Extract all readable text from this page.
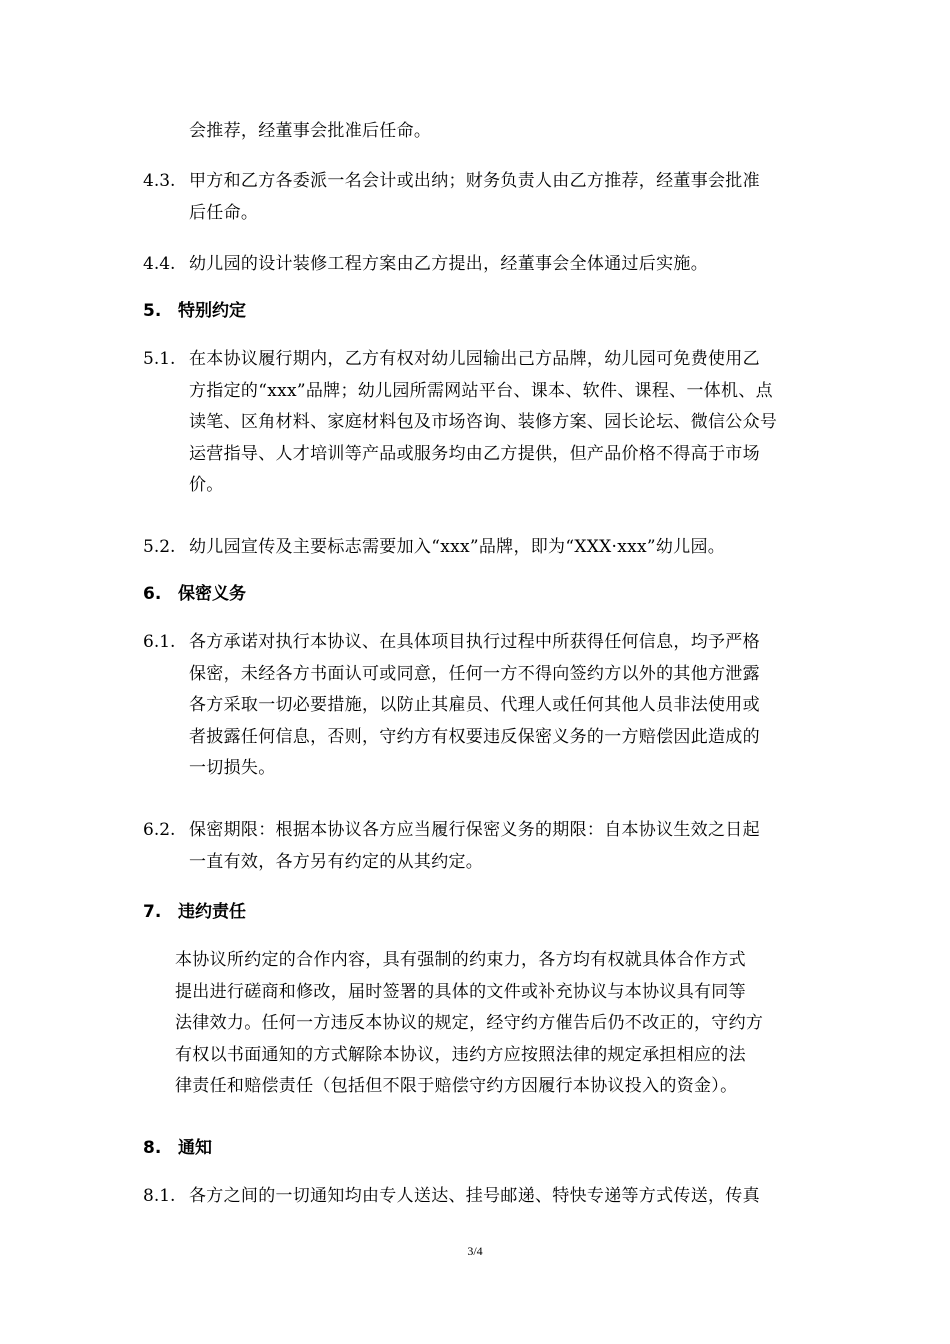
会推荐，经董事会批准后任命。
4.3. 甲方和乙方各委派一名会计或出纳；财务负责人由乙方推荐，经董事会批准
后任命。
4.4. 幼儿园的设计装修工程方案由乙方提出，经董事会全体通过后实施。
5. 特别约定
5.1. 在本协议履行期内，乙方有权对幼儿园输出己方品牌，幼儿园可免费使用乙
方指定的“xxx”品牌；幼儿园所需网站平台、课本、软件、课程、一体机、点
读笔、区角材料、家庭材料包及市场咨询、装修方案、园长论坛、微信公众号
运营指导、人才培训等产品或服务均由乙方提供，但产品价格不得高于市场
价。
5.2. 幼儿园宣传及主要标志需要加入“xxx”品牌，即为“XXX·xxx”幼儿园。
6. 保密义务
6.1. 各方承诺对执行本协议、在具体项目执行过程中所获得任何信息，均予严格
保密，未经各方书面认可或同意，任何一方不得向签约方以外的其他方泄露
各方采取一切必要措施，以防止其雇员、代理人或任何其他人员非法使用或
者披露任何信息，否则，守约方有权要违反保密义务的一方赔偿因此造成的
一切损失。
6.2. 保密期限：根据本协议各方应当履行保密义务的期限：自本协议生效之日起
一直有效，各方另有约定的从其约定。
7. 违约责任
本协议所约定的合作内容，具有强制的约束力，各方均有权就具体合作方式
提出进行磋商和修改，届时签署的具体的文件或补充协议与本协议具有同等
法律效力。任何一方违反本协议的规定，经守约方催告后仍不改正的，守约方
有权以书面通知的方式解除本协议，违约方应按照法律的规定承担相应的法
律责任和赔偿责任（包括但不限于赔偿守约方因履行本协议投入的资金）。
8. 通知
8.1. 各方之间的一切通知均由专人送达、挂号邮递、特快专递等方式传送，传真
3/4
